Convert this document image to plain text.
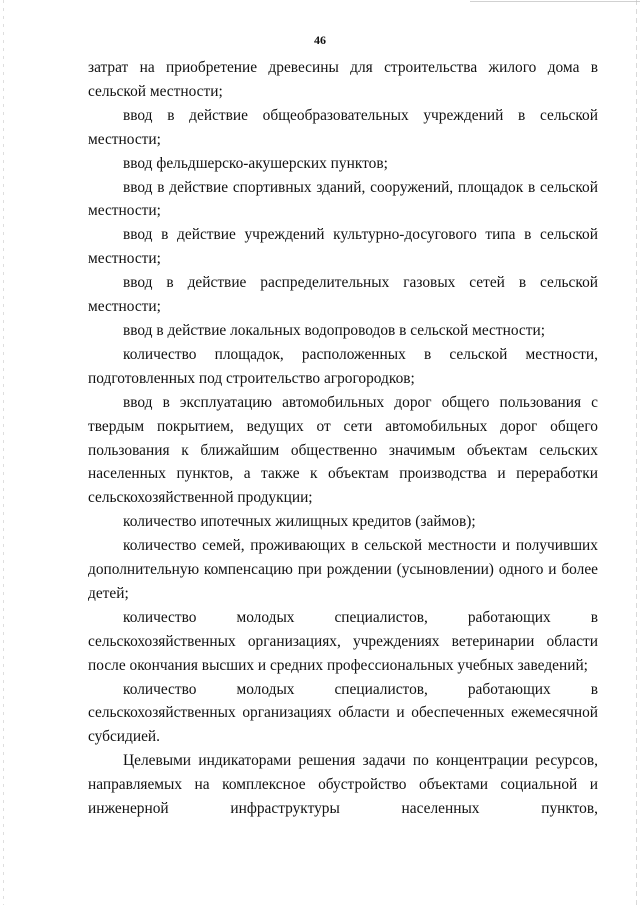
46

затрат на приобретение древесины для строительства жилого дома в сельской местности;

ввод в действие общеобразовательных учреждений в сельской местности;

ввод фельдшерско-акушерских пунктов;

ввод в действие спортивных зданий, сооружений, площадок в сельской местности;

ввод в действие учреждений культурно-досугового типа в сельской местности;

ввод в действие распределительных газовых сетей в сельской местности;

ввод в действие локальных водопроводов в сельской местности;

количество площадок, расположенных в сельской местности, подготовленных под строительство агрогородков;

ввод в эксплуатацию автомобильных дорог общего пользования с твердым покрытием, ведущих от сети автомобильных дорог общего пользования к ближайшим общественно значимым объектам сельских населенных пунктов, а также к объектам производства и переработки сельскохозяйственной продукции;

количество ипотечных жилищных кредитов (займов);

количество семей, проживающих в сельской местности и получивших дополнительную компенсацию при рождении (усыновлении) одного и более детей;

количество молодых специалистов, работающих в сельскохозяйственных организациях, учреждениях ветеринарии области после окончания высших и средних профессиональных учебных заведений;

количество молодых специалистов, работающих в сельскохозяйственных организациях области и обеспеченных ежемесячной субсидией.

Целевыми индикаторами решения задачи по концентрации ресурсов, направляемых на комплексное обустройство объектами социальной и инженерной инфраструктуры населенных пунктов,
